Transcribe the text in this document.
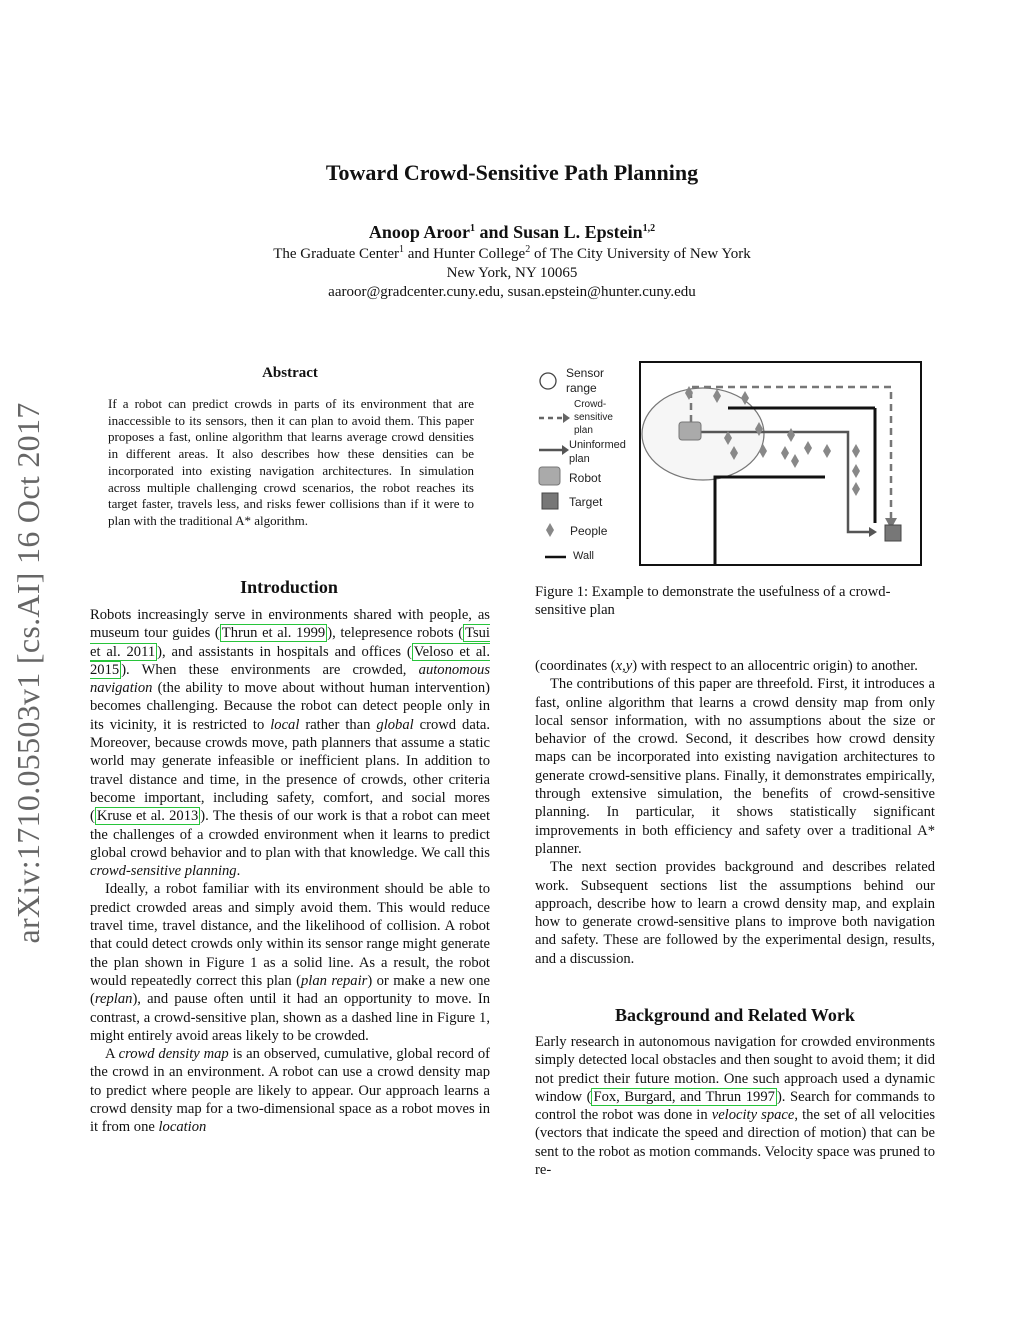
arXiv:1710.05503v1 [cs.AI] 16 Oct 2017
Toward Crowd-Sensitive Path Planning
Anoop Aroor$^1$ and Susan L. Epstein$^{1,2}$
The Graduate Center$^1$ and Hunter College$^2$ of The City University of New York
New York, NY 10065
aaroor@gradcenter.cuny.edu, susan.epstein@hunter.cuny.edu
Abstract
If a robot can predict crowds in parts of its environment that are inaccessible to its sensors, then it can plan to avoid them. This paper proposes a fast, online algorithm that learns average crowd densities in different areas. It also describes how these densities can be incorporated into existing navigation architectures. In simulation across multiple challenging crowd scenarios, the robot reaches its target faster, travels less, and risks fewer collisions than if it were to plan with the traditional A* algorithm.
Introduction

Robots increasingly serve in environments shared with people, as museum tour guides ( Thrun et al. 1999 ), telepresence robots ( Tsui et al. 2011 ), and assistants in hospitals and offices ( Veloso et al. 2015 ). When these environments are crowded, autonomous navigation (the ability to move about without human intervention) becomes challenging. Because the robot can detect people only in its vicinity, it is restricted to local rather than global crowd data. Moreover, because crowds move, path planners that assume a static world may generate infeasible or inefficient plans. In addition to travel distance and time, in the presence of crowds, other criteria become important, including safety, comfort, and social mores ( Kruse et al. 2013 ). The thesis of our work is that a robot can meet the challenges of a crowded environment when it learns to predict global crowd behavior and to plan with that knowledge. We call this crowd-sensitive planning.

Ideally, a robot familiar with its environment should be able to predict crowded areas and simply avoid them. This would reduce travel time, travel distance, and the likelihood of collision. A robot that could detect crowds only within its sensor range might generate the plan shown in Figure 1 as a solid line. As a result, the robot would repeatedly correct this plan (plan repair) or make a new one (replan), and pause often until it had an opportunity to move. In contrast, a crowd-sensitive plan, shown as a dashed line in Figure 1, might entirely avoid areas likely to be crowded.

A crowd density map is an observed, cumulative, global record of the crowd in an environment. A robot can use a crowd density map to predict where people are likely to appear. Our approach learns a crowd density map for a two-dimensional space as a robot moves in it from one location

Sensor
range
Crowd-
sensitive
plan
Uninformed
plan
Robot
Target
People
Wall
Figure 1: Example to demonstrate the usefulness of a crowd-sensitive plan

(coordinates (x,y) with respect to an allocentric origin) to another.

The contributions of this paper are threefold. First, it introduces a fast, online algorithm that learns a crowd density map from only local sensor information, with no assumptions about the size or behavior of the crowd. Second, it describes how crowd density maps can be incorporated into existing navigation architectures to generate crowd-sensitive plans. Finally, it demonstrates empirically, through extensive simulation, the benefits of crowd-sensitive planning. In particular, it shows statistically significant improvements in both efficiency and safety over a traditional A* planner.

The next section provides background and describes related work. Subsequent sections list the assumptions behind our approach, describe how to learn a crowd density map, and explain how to generate crowd-sensitive plans to improve both navigation and safety. These are followed by the experimental design, results, and a discussion.

Background and Related Work

Early research in autonomous navigation for crowded environments simply detected local obstacles and then sought to avoid them; it did not predict their future motion. One such approach used a dynamic window ( Fox, Burgard, and Thrun 1997 ). Search for commands to control the robot was done in velocity space, the set of all velocities (vectors that indicate the speed and direction of motion) that can be sent to the robot as motion commands. Velocity space was pruned to re-
